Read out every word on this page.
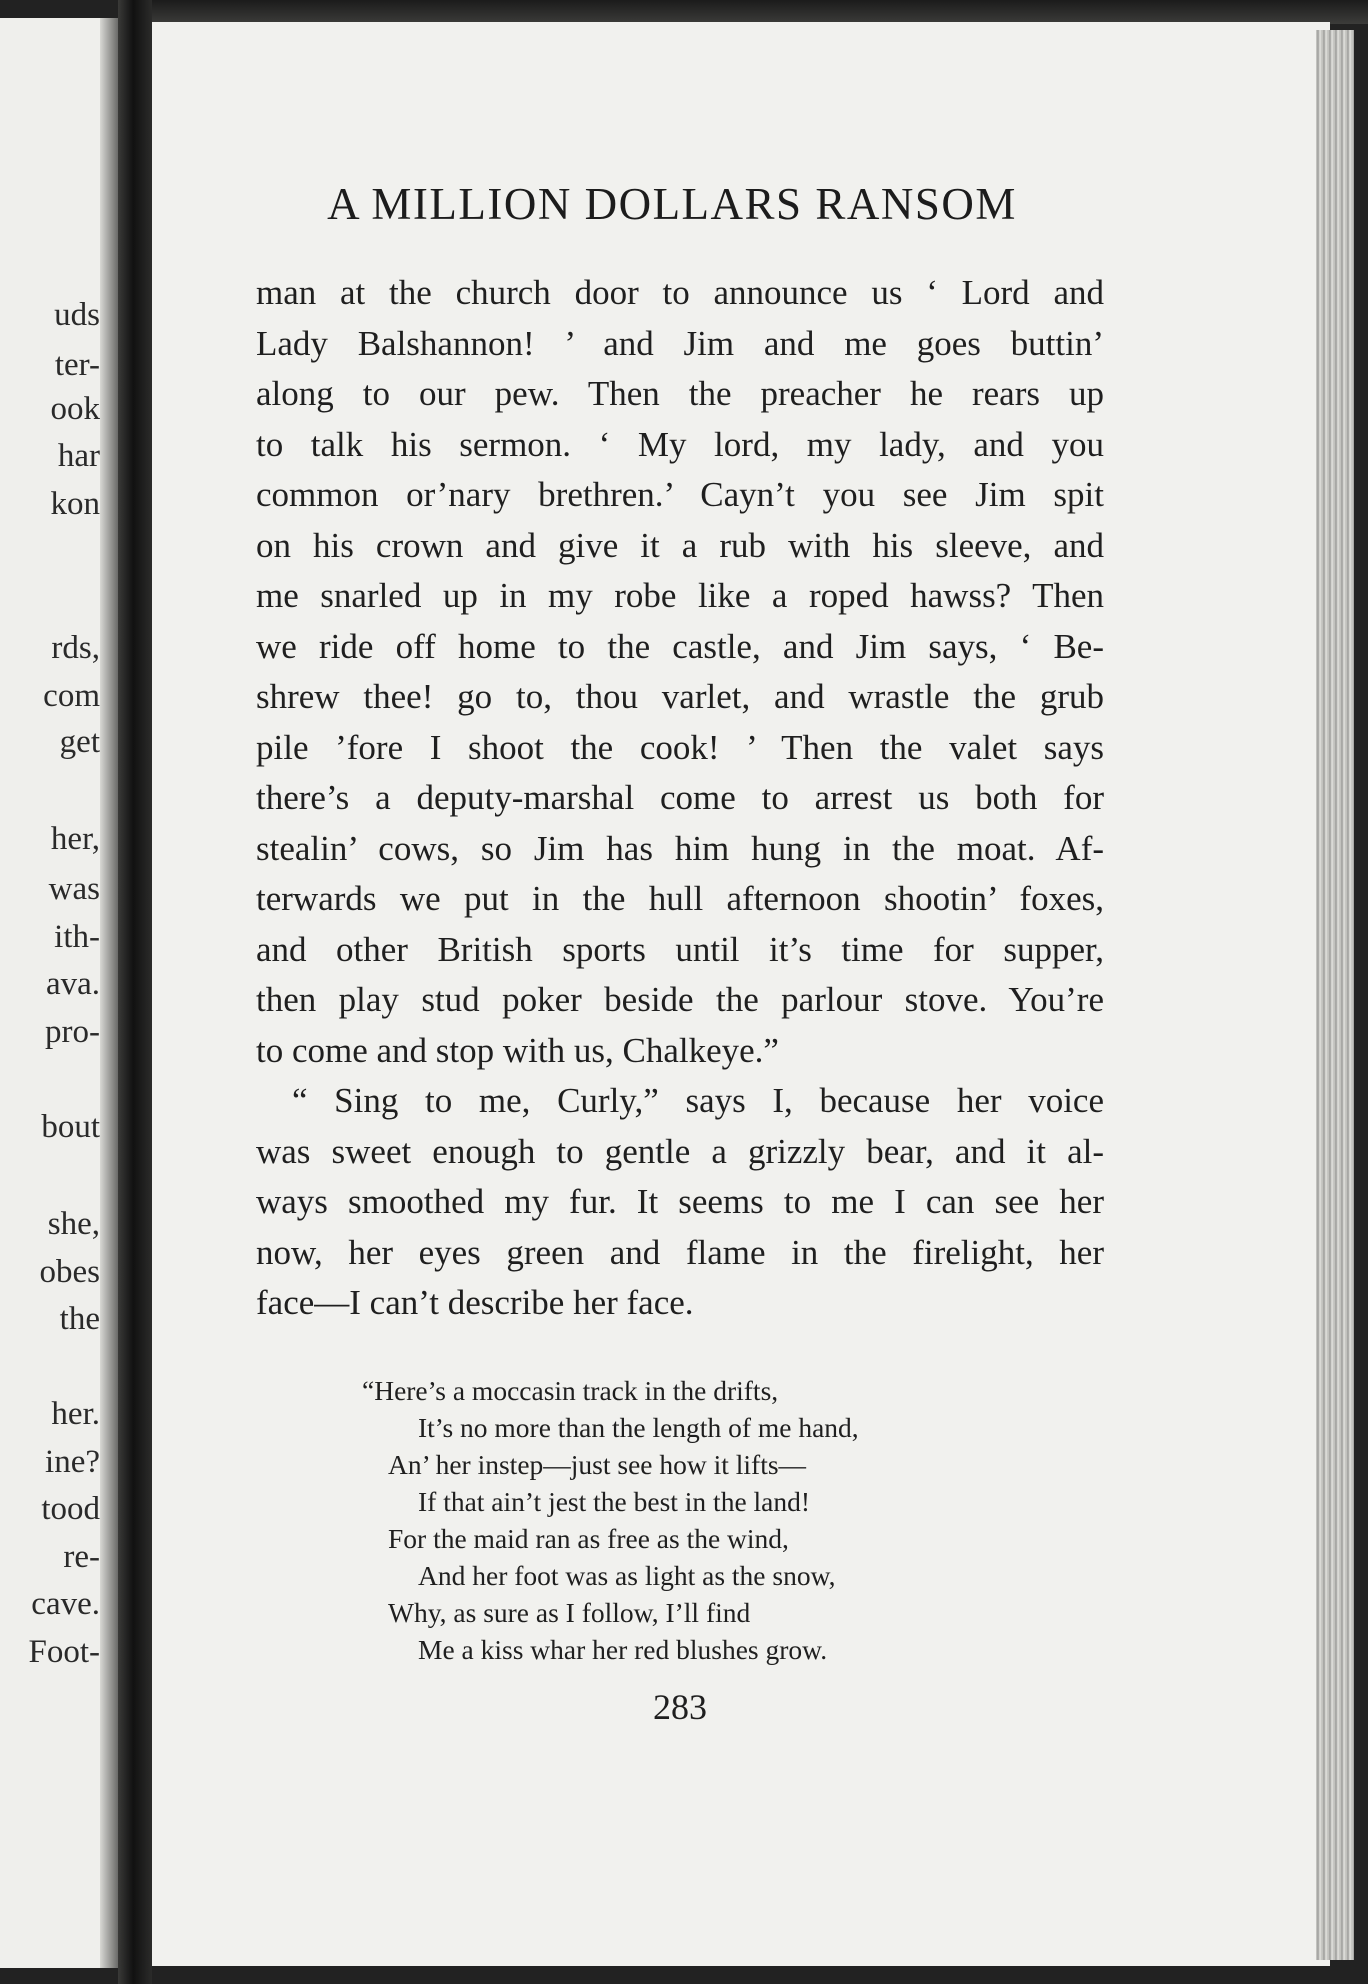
uds
ter-
ook
har
kon
rds,
com
get
her,
was
ith-
ava.
pro-
bout
she,
obes
the
her.
ine?
tood
re-
cave.
Foot-
A MILLION DOLLARS RANSOM
man at the church door to announce us ‘ Lord and
Lady Balshannon! ’ and Jim and me goes buttin’
along to our pew. Then the preacher he rears up
to talk his sermon. ‘ My lord, my lady, and you
common or’nary brethren.’ Cayn’t you see Jim spit
on his crown and give it a rub with his sleeve, and
me snarled up in my robe like a roped hawss? Then
we ride off home to the castle, and Jim says, ‘ Be-
shrew thee! go to, thou varlet, and wrastle the grub
pile ’fore I shoot the cook! ’ Then the valet says
there’s a deputy-marshal come to arrest us both for
stealin’ cows, so Jim has him hung in the moat. Af-
terwards we put in the hull afternoon shootin’ foxes,
and other British sports until it’s time for supper,
then play stud poker beside the parlour stove. You’re
to come and stop with us, Chalkeye.”
“ Sing to me, Curly,” says I, because her voice
was sweet enough to gentle a grizzly bear, and it al-
ways smoothed my fur. It seems to me I can see her
now, her eyes green and flame in the firelight, her
face—I can’t describe her face.
“Here’s a moccasin track in the drifts,
It’s no more than the length of me hand,
An’ her instep—just see how it lifts—
If that ain’t jest the best in the land!
For the maid ran as free as the wind,
And her foot was as light as the snow,
Why, as sure as I follow, I’ll find
Me a kiss whar her red blushes grow.
283
